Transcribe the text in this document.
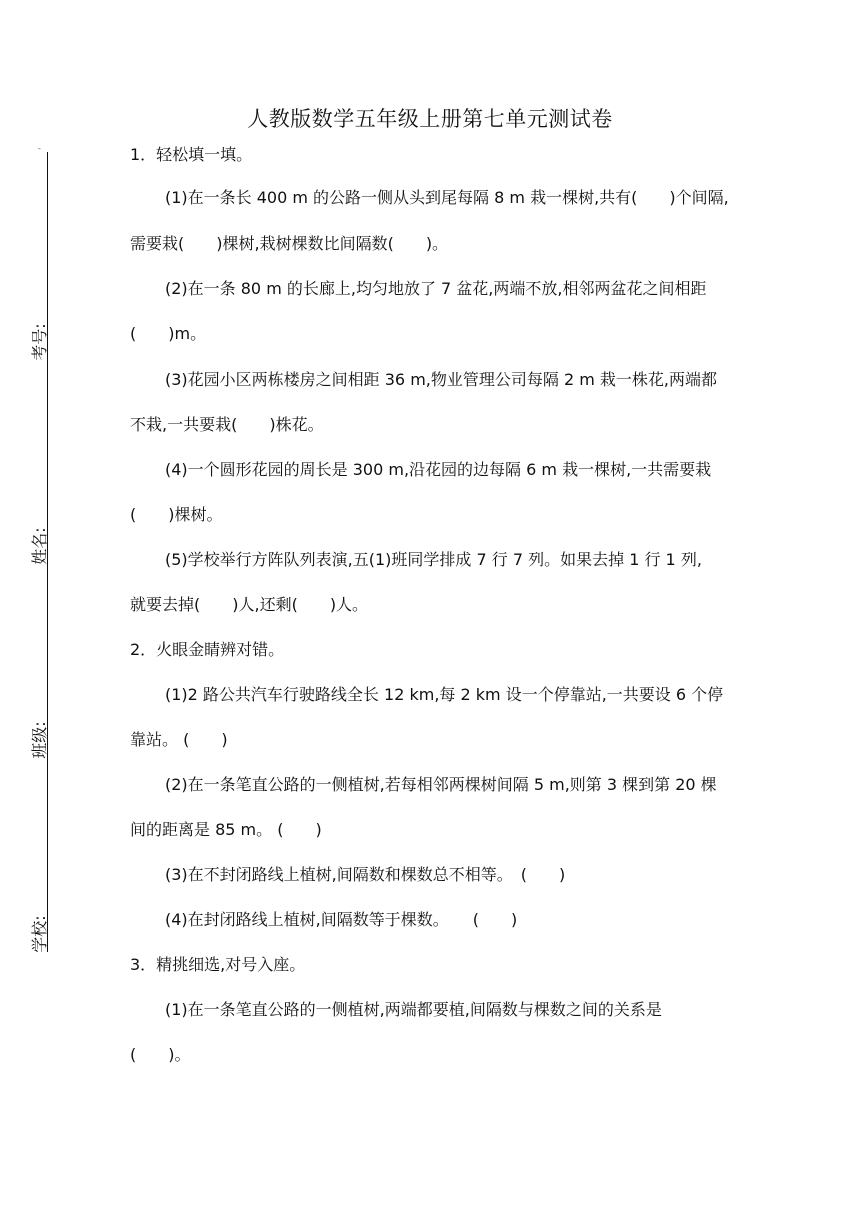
人教版数学五年级上册第七单元测试卷
-
考号:
姓名:
班级:
学校:
1．轻松填一填。
(1)在一条长 400 m 的公路一侧从头到尾每隔 8 m 栽一棵树,共有(　　)个间隔,
需要栽(　　)棵树,栽树棵数比间隔数(　　)。
(2)在一条 80 m 的长廊上,均匀地放了 7 盆花,两端不放,相邻两盆花之间相距
(　　)m。
(3)花园小区两栋楼房之间相距 36 m,物业管理公司每隔 2 m 栽一株花,两端都
不栽,一共要栽(　　)株花。
(4)一个圆形花园的周长是 300 m,沿花园的边每隔 6 m 栽一棵树,一共需要栽
(　　)棵树。
(5)学校举行方阵队列表演,五(1)班同学排成 7 行 7 列。如果去掉 1 行 1 列,
就要去掉(　　)人,还剩(　　)人。
2．火眼金睛辨对错。
(1)2 路公共汽车行驶路线全长 12 km,每 2 km 设一个停靠站,一共要设 6 个停
靠站。 (　　)
(2)在一条笔直公路的一侧植树,若每相邻两棵树间隔 5 m,则第 3 棵到第 20 棵
间的距离是 85 m。 (　　)
(3)在不封闭路线上植树,间隔数和棵数总不相等。　(　　)
(4)在封闭路线上植树,间隔数等于棵数。　　(　　)
3．精挑细选,对号入座。
(1)在一条笔直公路的一侧植树,两端都要植,间隔数与棵数之间的关系是
(　　)。
